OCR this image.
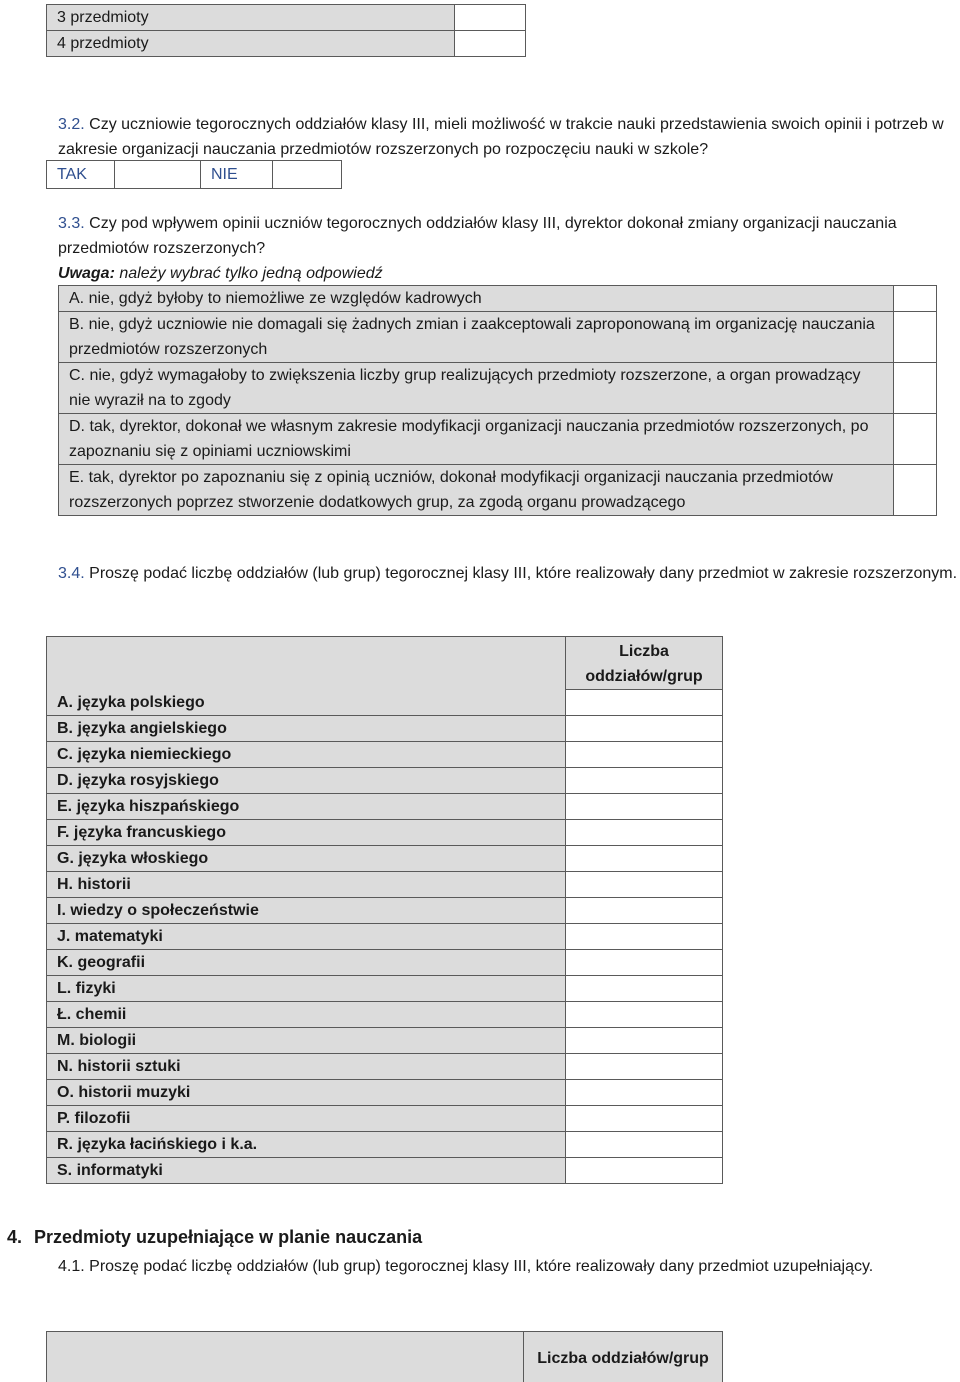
3 przedmioty	
4 przedmioty	
3.2. Czy uczniowie tegorocznych oddziałów klasy III, mieli możliwość w trakcie nauki przedstawienia swoich opinii i potrzeb w zakresie organizacji nauczania przedmiotów rozszerzonych po rozpoczęciu nauki w szkole?
TAK		NIE	
3.3. Czy pod wpływem opinii uczniów tegorocznych oddziałów klasy III, dyrektor dokonał zmiany organizacji nauczania przedmiotów rozszerzonych?
Uwaga: należy wybrać tylko jedną odpowiedź
A. nie, gdyż byłoby to niemożliwe ze względów kadrowych	
B. nie, gdyż uczniowie nie domagali się żadnych zmian i zaakceptowali zaproponowaną im organizację nauczania przedmiotów rozszerzonych	
C. nie, gdyż wymagałoby to zwiększenia liczby grup realizujących przedmioty rozszerzone, a organ prowadzący nie wyraził na to zgody	
D. tak, dyrektor, dokonał we własnym zakresie modyfikacji organizacji nauczania przedmiotów rozszerzonych, po zapoznaniu się z opiniami uczniowskimi	
E. tak, dyrektor po zapoznaniu się z opinią uczniów, dokonał modyfikacji organizacji nauczania przedmiotów rozszerzonych poprzez stworzenie dodatkowych grup, za zgodą organu prowadzącego	
3.4. Proszę podać liczbę oddziałów (lub grup) tegorocznej klasy III, które realizowały dany przedmiot w zakresie rozszerzonym.
	Liczba oddziałów/grup
A. języka polskiego	
B. języka angielskiego	
C. języka niemieckiego	
D. języka rosyjskiego	
E. języka hiszpańskiego	
F. języka francuskiego	
G. języka włoskiego	
H. historii	
I. wiedzy o społeczeństwie	
J. matematyki	
K. geografii	
L. fizyki	
Ł. chemii	
M. biologii	
N. historii sztuki	
O. historii muzyki	
P. filozofii	
R. języka łacińskiego i k.a.	
S. informatyki	
4. Przedmioty uzupełniające w planie nauczania
4.1. Proszę podać liczbę oddziałów (lub grup) tegorocznej klasy III, które realizowały dany przedmiot uzupełniający.
	Liczba oddziałów/grup
